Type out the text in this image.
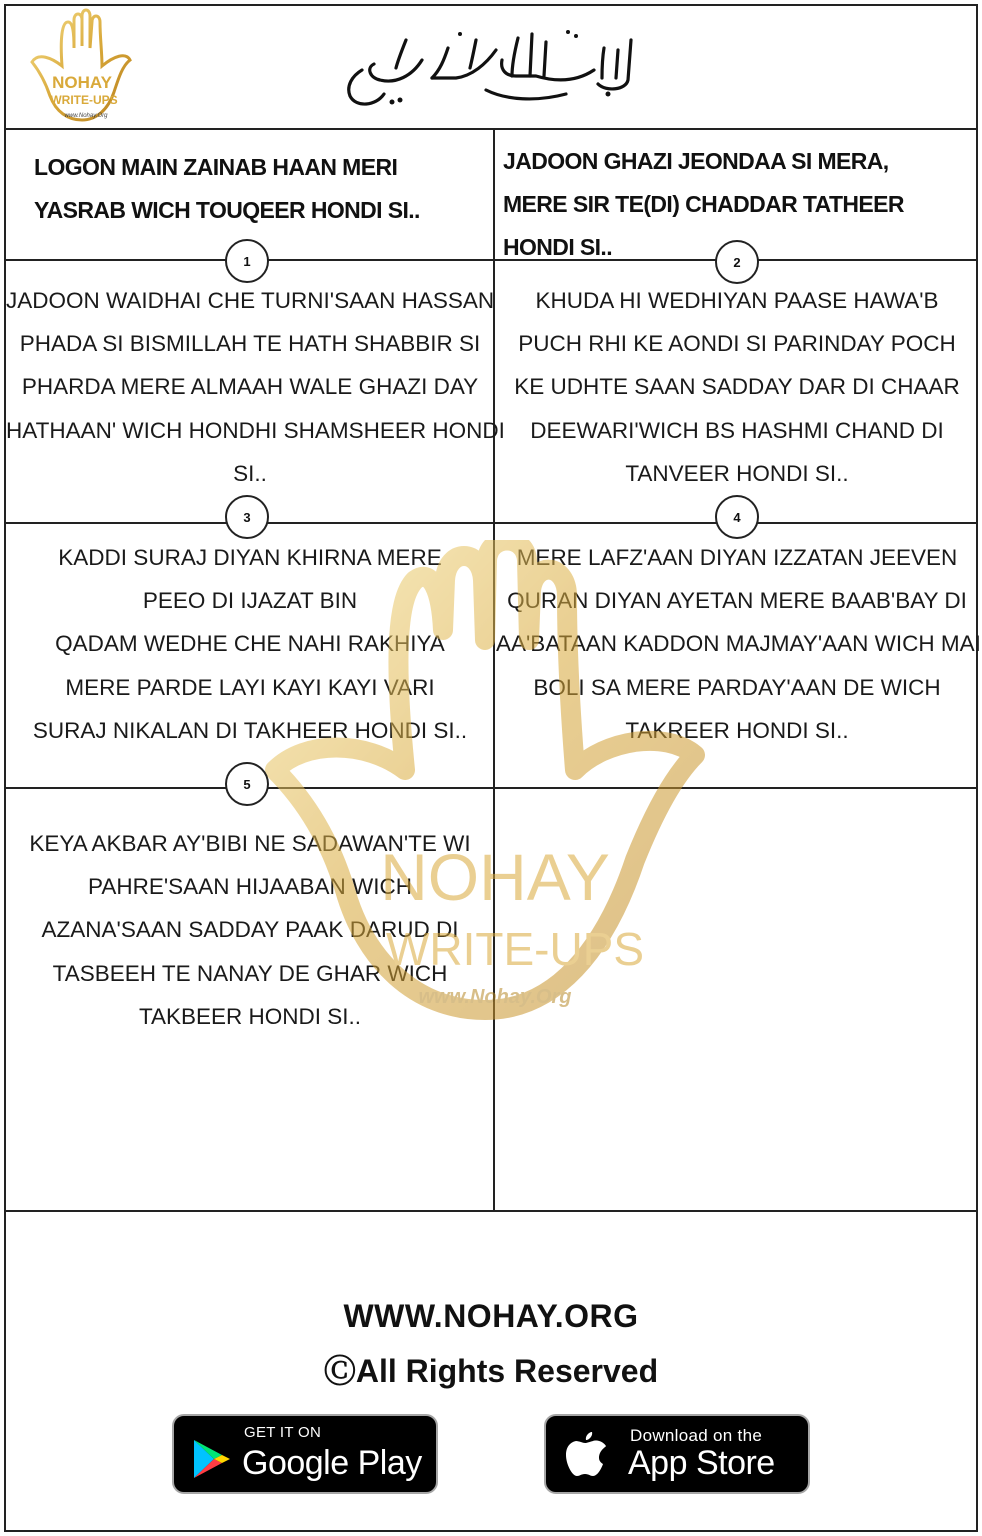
NOHAY
WRITE-UPS
www.Nohay.Org
LOGON MAIN ZAINAB HAAN MERI
YASRAB WICH TOUQEER HONDI SI..
JADOON GHAZI JEONDAA SI MERA,
MERE SIR TE(DI) CHADDAR TATHEER
HONDI SI..
1	2
3	4
5
JADOON WAIDHAI CHE TURNI'SAAN HASSAN
PHADA SI BISMILLAH TE HATH SHABBIR SI
PHARDA MERE ALMAAH WALE GHAZI DAY
HATHAAN' WICH HONDHI SHAMSHEER HONDI
SI..
KHUDA HI WEDHIYAN PAASE HAWA'B
PUCH RHI KE AONDI SI PARINDAY POCH
KE UDHTE SAAN SADDAY DAR DI CHAAR
DEEWARI'WICH BS HASHMI CHAND DI
TANVEER HONDI SI..
KADDI SURAJ DIYAN KHIRNA MERE
PEEO DI IJAZAT BIN
QADAM WEDHE CHE NAHI RAKHIYA
MERE PARDE LAYI KAYI KAYI VARI
SURAJ NIKALAN DI TAKHEER HONDI SI..
MERE LAFZ'AAN DIYAN IZZATAN JEEVEN
QURAN DIYAN AYETAN MERE BAAB'BAY DI
AA'BATAAN KADDON MAJMAY'AAN WICH MAI
BOLI SA MERE PARDAY'AAN DE WICH
TAKREER HONDI SI..
KEYA AKBAR AY'BIBI NE SADAWAN'TE WI
PAHRE'SAAN HIJAABAN WICH
AZANA'SAAN SADDAY PAAK DARUD DI
TASBEEH TE NANAY DE GHAR WICH
TAKBEER HONDI SI..
NOHAY
WRITE-UPS
www.Nohay.Org
WWW.NOHAY.ORG
ⒸAll Rights Reserved
GET IT ON
Google Play
Download on the
App Store
